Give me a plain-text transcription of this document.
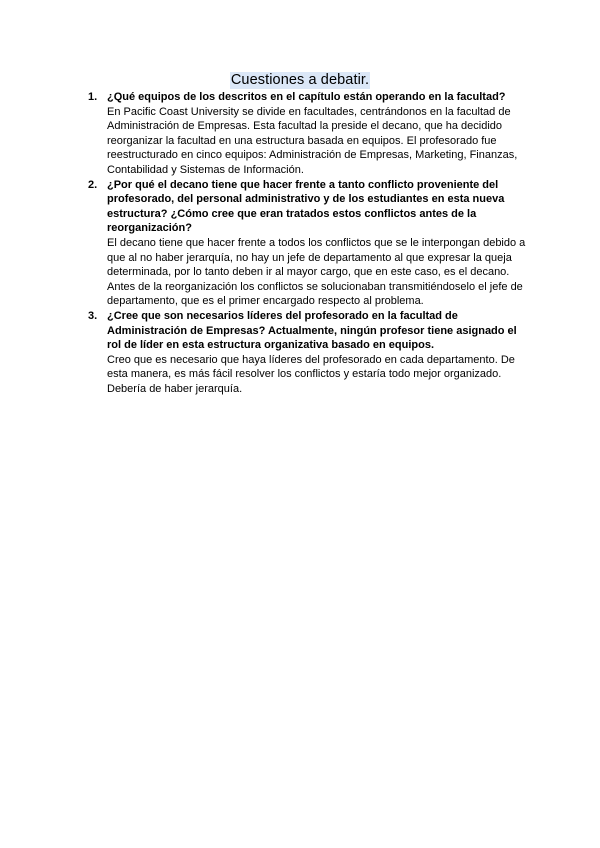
Cuestiones a debatir.
1. ¿Qué equipos de los descritos en el capítulo están operando en la facultad?

En Pacific Coast University se divide en facultades, centrándonos en la facultad de Administración de Empresas. Esta facultad la preside el decano, que ha decidido reorganizar la facultad en una estructura basada en equipos. El profesorado fue reestructurado en cinco equipos: Administración de Empresas, Marketing, Finanzas, Contabilidad y Sistemas de Información.

2. ¿Por qué el decano tiene que hacer frente a tanto conflicto proveniente del profesorado, del personal administrativo y de los estudiantes en esta nueva estructura? ¿Cómo cree que eran tratados estos conflictos antes de la reorganización?

El decano tiene que hacer frente a todos los conflictos que se le interpongan debido a que al no haber jerarquía, no hay un jefe de departamento al que expresar la queja determinada, por lo tanto deben ir al mayor cargo, que en este caso, es el decano.

Antes de la reorganización los conflictos se solucionaban transmitiéndoselo el jefe de departamento, que es el primer encargado respecto al problema.

3. ¿Cree que son necesarios líderes del profesorado en la facultad de Administración de Empresas? Actualmente, ningún profesor tiene asignado el rol de líder en esta estructura organizativa basado en equipos.

Creo que es necesario que haya líderes del profesorado en cada departamento. De esta manera, es más fácil resolver los conflictos y estaría todo mejor organizado. Debería de haber jerarquía.
